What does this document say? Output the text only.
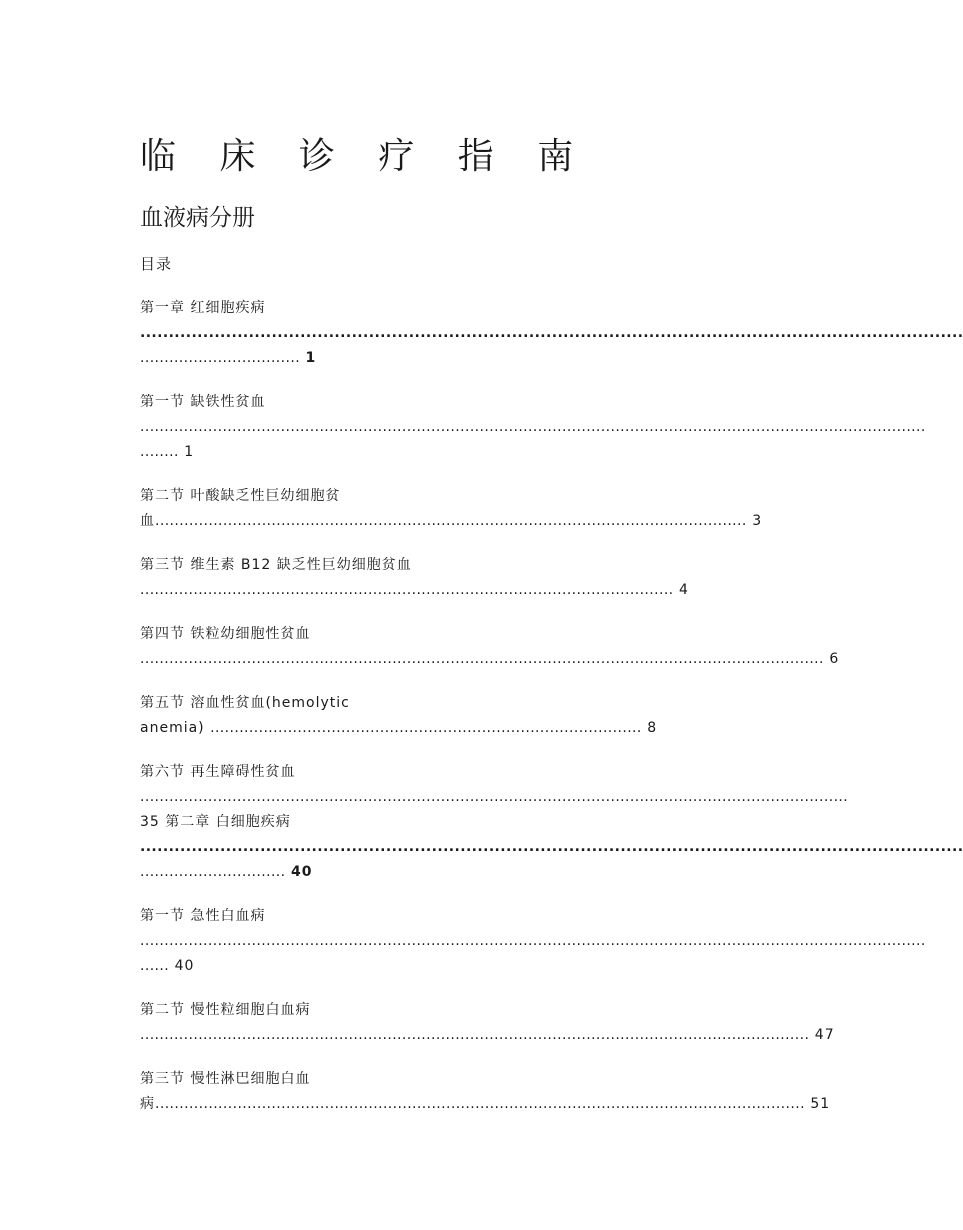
临 床 诊 疗 指 南
血液病分册
目录
第一章 红细胞疾病
................................................................................................................................................
................................. 1
第一节 缺铁性贫血
..................................................................................................................................................................
........ 1
第二节 叶酸缺乏性巨幼细胞贫
血.......................................................................................................................... 3
第三节 维生素 B12 缺乏性巨幼细胞贫血
.............................................................................................................. 4
第四节 铁粒幼细胞性贫血
............................................................................................................................................. 6
第五节 溶血性贫血(hemolytic
anemia) ......................................................................................... 8
第六节 再生障碍性贫血
..................................................................................................................................................
35 第二章 白细胞疾病
................................................................................................................................................
.............................. 40
第一节 急性白血病
..................................................................................................................................................................
...... 40
第二节 慢性粒细胞白血病
.......................................................................................................................................... 47
第三节 慢性淋巴细胞白血
病...................................................................................................................................... 51
